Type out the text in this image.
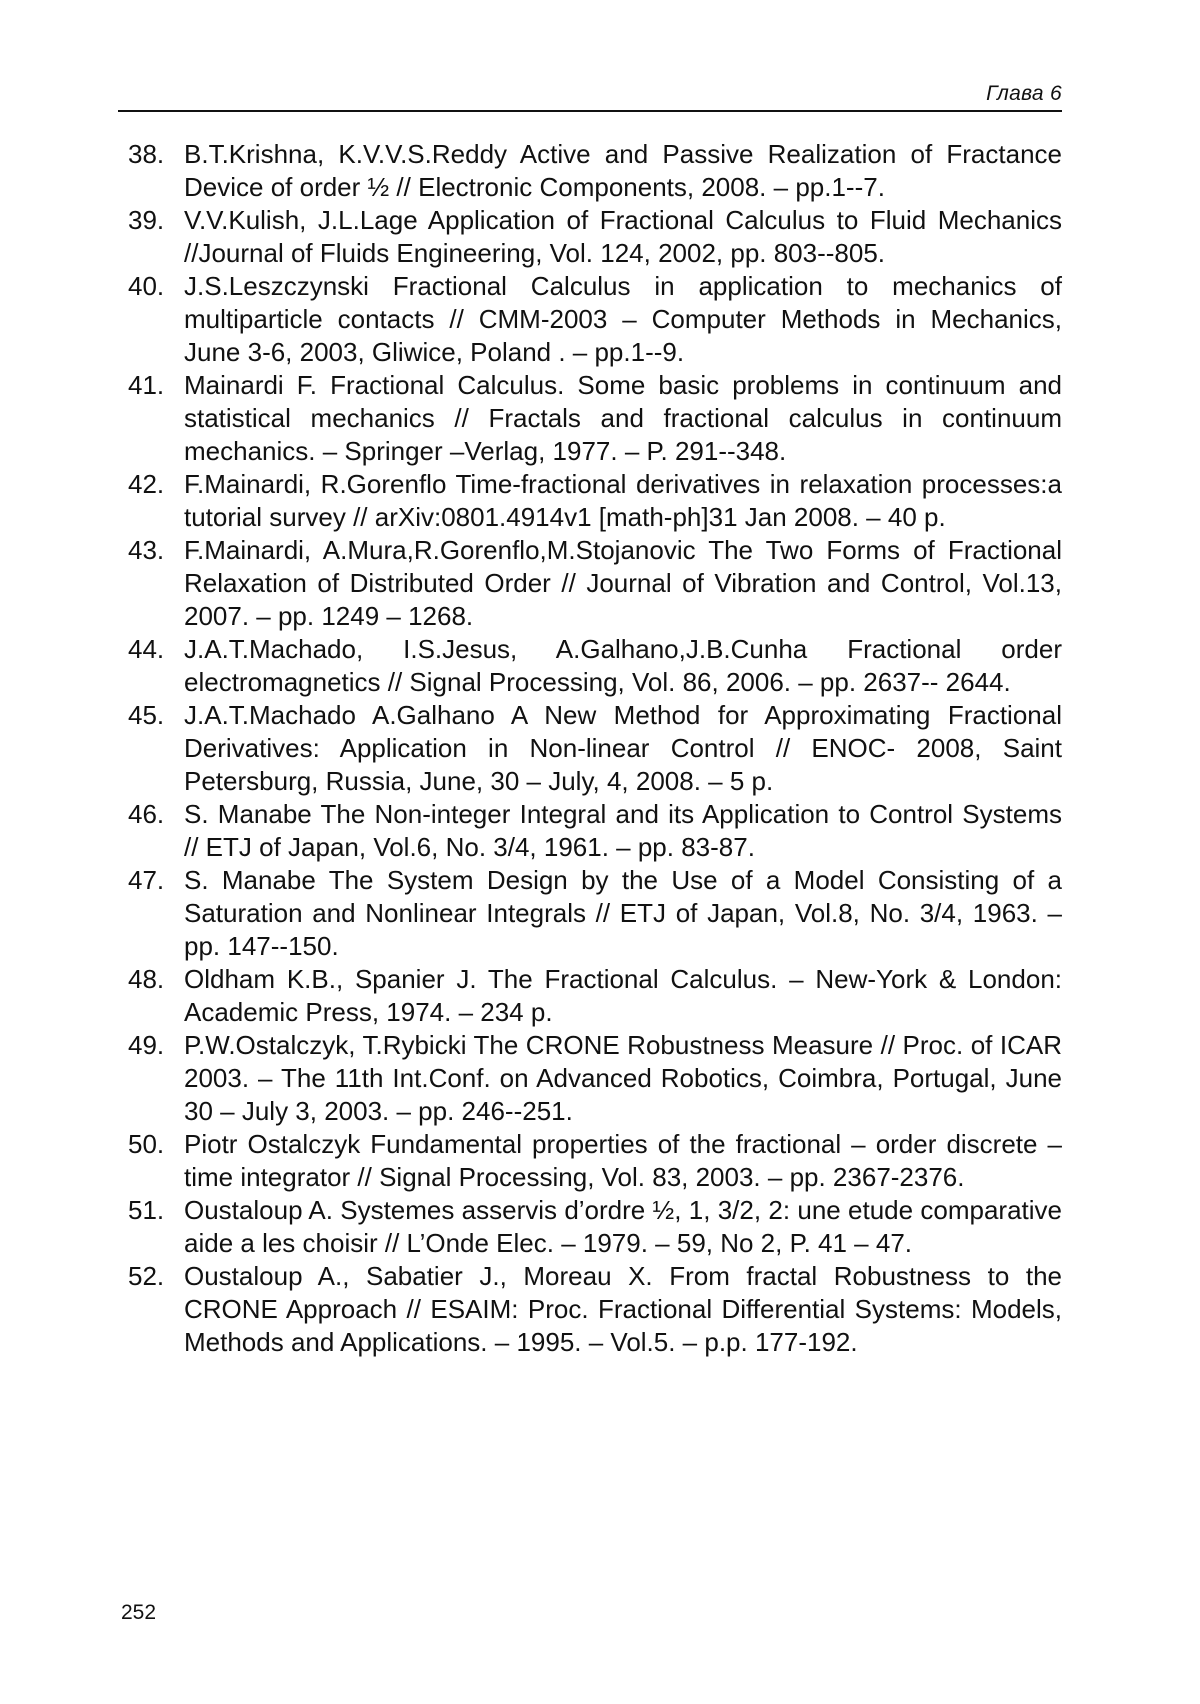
Глава 6
38. B.T.Krishna, K.V.V.S.Reddy Active and Passive Realization of Fractance Device of order ½ // Electronic Components, 2008. – pp.1--7.
39. V.V.Kulish, J.L.Lage Application of Fractional Calculus to Fluid Mechanics //Journal of Fluids Engineering, Vol. 124, 2002, pp. 803--805.
40. J.S.Leszczynski Fractional Calculus in application to mechanics of multiparticle contacts // CMM-2003 – Computer Methods in Mechanics, June 3-6, 2003, Gliwice, Poland . – pp.1--9.
41. Mainardi F. Fractional Calculus. Some basic problems in continuum and statistical mechanics // Fractals and fractional calculus in continuum mechanics. – Springer –Verlag, 1977. – P. 291--348.
42. F.Mainardi, R.Gorenflo Time-fractional derivatives in relaxation processes:a tutorial survey // arXiv:0801.4914v1 [math-ph]31 Jan 2008. – 40 p.
43. F.Mainardi, A.Mura,R.Gorenflo,M.Stojanovic The Two Forms of Fractional Relaxation of Distributed Order // Journal of Vibration and Control, Vol.13, 2007. – pp. 1249 – 1268.
44. J.A.T.Machado, I.S.Jesus, A.Galhano,J.B.Cunha Fractional order electromagnetics // Signal Processing, Vol. 86, 2006. – pp. 2637-- 2644.
45. J.A.T.Machado A.Galhano A New Method for Approximating Fractional Derivatives: Application in Non-linear Control // ENOC- 2008, Saint Petersburg, Russia, June, 30 – July, 4, 2008. – 5 p.
46. S. Manabe The Non-integer Integral and its Application to Control Systems // ETJ of Japan, Vol.6, No. 3/4, 1961. – pp. 83-87.
47. S. Manabe The System Design by the Use of a Model Consisting of a Saturation and Nonlinear Integrals // ETJ of Japan, Vol.8, No. 3/4, 1963. – pp. 147--150.
48. Oldham K.B., Spanier J. The Fractional Calculus. – New-York & London: Academic Press, 1974. – 234 p.
49. P.W.Ostalczyk, T.Rybicki The CRONE Robustness Measure // Proc. of ICAR 2003. – The 11th Int.Conf. on Advanced Robotics, Coimbra, Portugal, June 30 – July 3, 2003. – pp. 246--251.
50. Piotr Ostalczyk Fundamental properties of the fractional – order discrete – time integrator // Signal Processing, Vol. 83, 2003. – pp. 2367-2376.
51. Oustaloup A. Systemes asservis d’ordre ½, 1, 3/2, 2: une etude comparative aide a les choisir // L’Onde Elec. – 1979. – 59, No 2, P. 41 – 47.
52. Oustaloup A., Sabatier J., Moreau X. From fractal Robustness to the CRONE Approach // ESAIM: Proc. Fractional Differential Systems: Models, Methods and Applications. – 1995. – Vol.5. – p.p. 177-192.
252
